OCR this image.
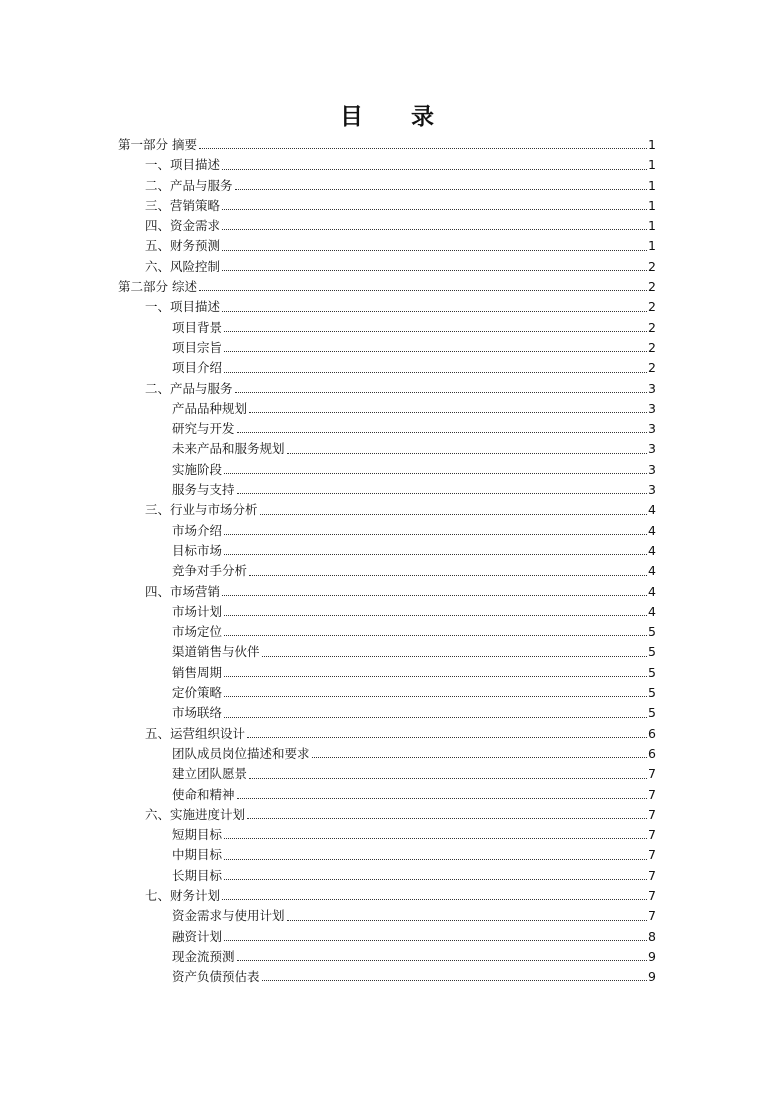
目 录
第一部分 摘要	1
一、项目描述	1
二、产品与服务	1
三、营销策略	1
四、资金需求	1
五、财务预测	1
六、风险控制	2
第二部分 综述	2
一、项目描述	2
项目背景	2
项目宗旨	2
项目介绍	2
二、产品与服务	3
产品品种规划	3
研究与开发	3
未来产品和服务规划	3
实施阶段	3
服务与支持	3
三、行业与市场分析	4
市场介绍	4
目标市场	4
竞争对手分析	4
四、市场营销	4
市场计划	4
市场定位	5
渠道销售与伙伴	5
销售周期	5
定价策略	5
市场联络	5
五、运营组织设计	6
团队成员岗位描述和要求	6
建立团队愿景	7
使命和精神	7
六、实施进度计划	7
短期目标	7
中期目标	7
长期目标	7
七、财务计划	7
资金需求与使用计划	7
融资计划	8
现金流预测	9
资产负债预估表	9
